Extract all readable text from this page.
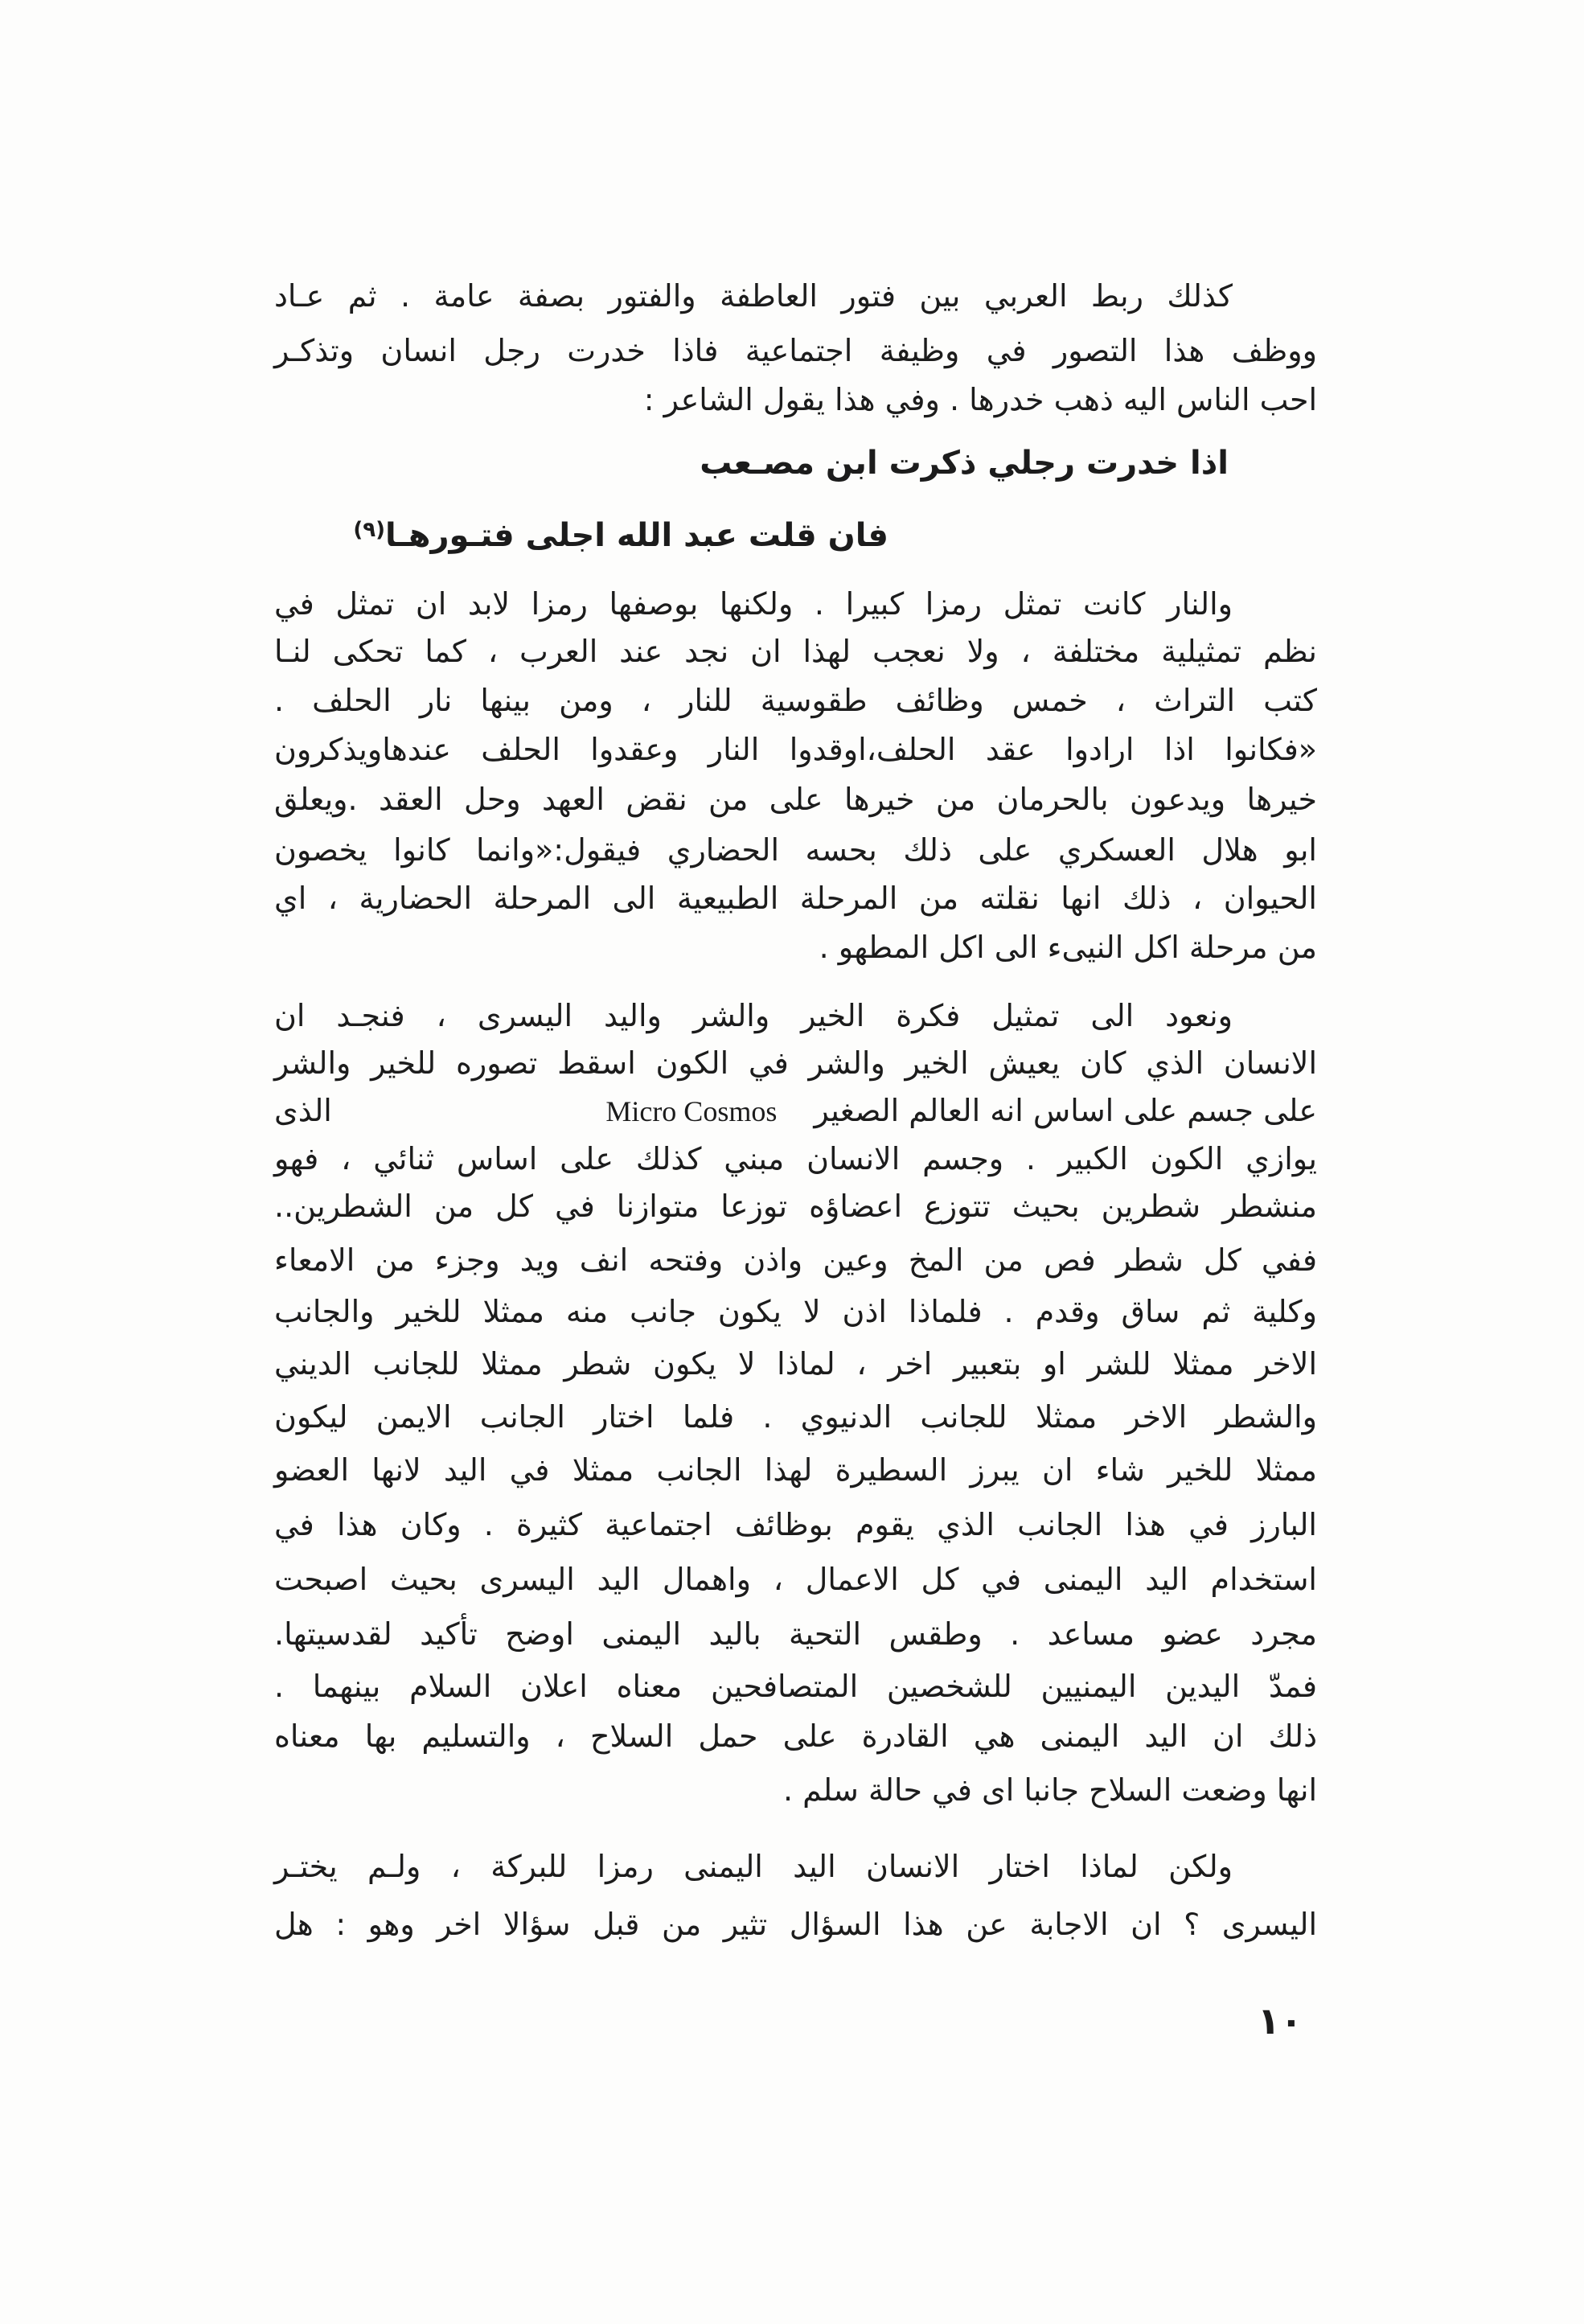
كذلك ربط العربي بين فتور العاطفة والفتور بصفة عامة . ثم عـاد
ووظف هذا التصور في وظيفة اجتماعية فاذا خدرت رجل انسان وتذكـر
احب الناس اليه ذهب خدرها . وفي هذا يقول الشاعر :
اذا خدرت رجلي ذكرت ابن مصـعب
فان قلت عبد الله اجلى فتـورهـا$^{(٩)}$
والنار كانت تمثل رمزا كبيرا . ولكنها بوصفها رمزا لابد ان تمثل في
نظم تمثيلية مختلفة ، ولا نعجب لهذا ان نجد عند العرب ، كما تحكى لنـا
كتب التراث ، خمس وظائف طقوسية للنار ، ومن بينها نار الحلف .
«فكانوا اذا ارادوا عقد الحلف،اوقدوا النار وعقدوا الحلف عندهاويذكرون
خيرها ويدعون بالحرمان من خيرها على من نقض العهد وحل العقد .ويعلق
ابو هلال العسكري على ذلك بحسه الحضاري فيقول:«وانما كانوا يخصون
الحيوان ، ذلك انها نقلته من المرحلة الطبيعية الى المرحلة الحضارية ، اي
من مرحلة اكل النيىء الى اكل المطهو .
ونعود الى تمثيل فكرة الخير والشر واليد اليسرى ، فنجـد ان
الانسان الذي كان يعيش الخير والشر في الكون اسقط تصوره للخير والشر
على جسم على اساس انه العالم الصغير
Micro Cosmos
الذى
يوازي الكون الكبير . وجسم الانسان مبني كذلك على اساس ثنائي ، فهو
منشطر شطرين بحيث تتوزع اعضاؤه توزعا متوازنا في كل من الشطرين..
ففي كل شطر فص من المخ وعين واذن وفتحه انف ويد وجزء من الامعاء
وكلية ثم ساق وقدم . فلماذا اذن لا يكون جانب منه ممثلا للخير والجانب
الاخر ممثلا للشر او بتعبير اخر ، لماذا لا يكون شطر ممثلا للجانب الديني
والشطر الاخر ممثلا للجانب الدنيوي . فلما اختار الجانب الايمن ليكون
ممثلا للخير شاء ان يبرز السطيرة لهذا الجانب ممثلا في اليد لانها العضو
البارز في هذا الجانب الذي يقوم بوظائف اجتماعية كثيرة . وكان هذا في
استخدام اليد اليمنى في كل الاعمال ، واهمال اليد اليسرى بحيث اصبحت
مجرد عضو مساعد . وطقس التحية باليد اليمنى اوضح تأكيد لقدسيتها.
فمدّ اليدين اليمنيين للشخصين المتصافحين معناه اعلان السلام بينهما .
ذلك ان اليد اليمنى هي القادرة على حمل السلاح ، والتسليم بها معناه
انها وضعت السلاح جانبا اى في حالة سلم .
ولكن لماذا اختار الانسان اليد اليمنى رمزا للبركة ، ولـم يختـر
اليسرى ؟ ان الاجابة عن هذا السؤال تثير من قبل سؤالا اخر وهو : هل
١٠
